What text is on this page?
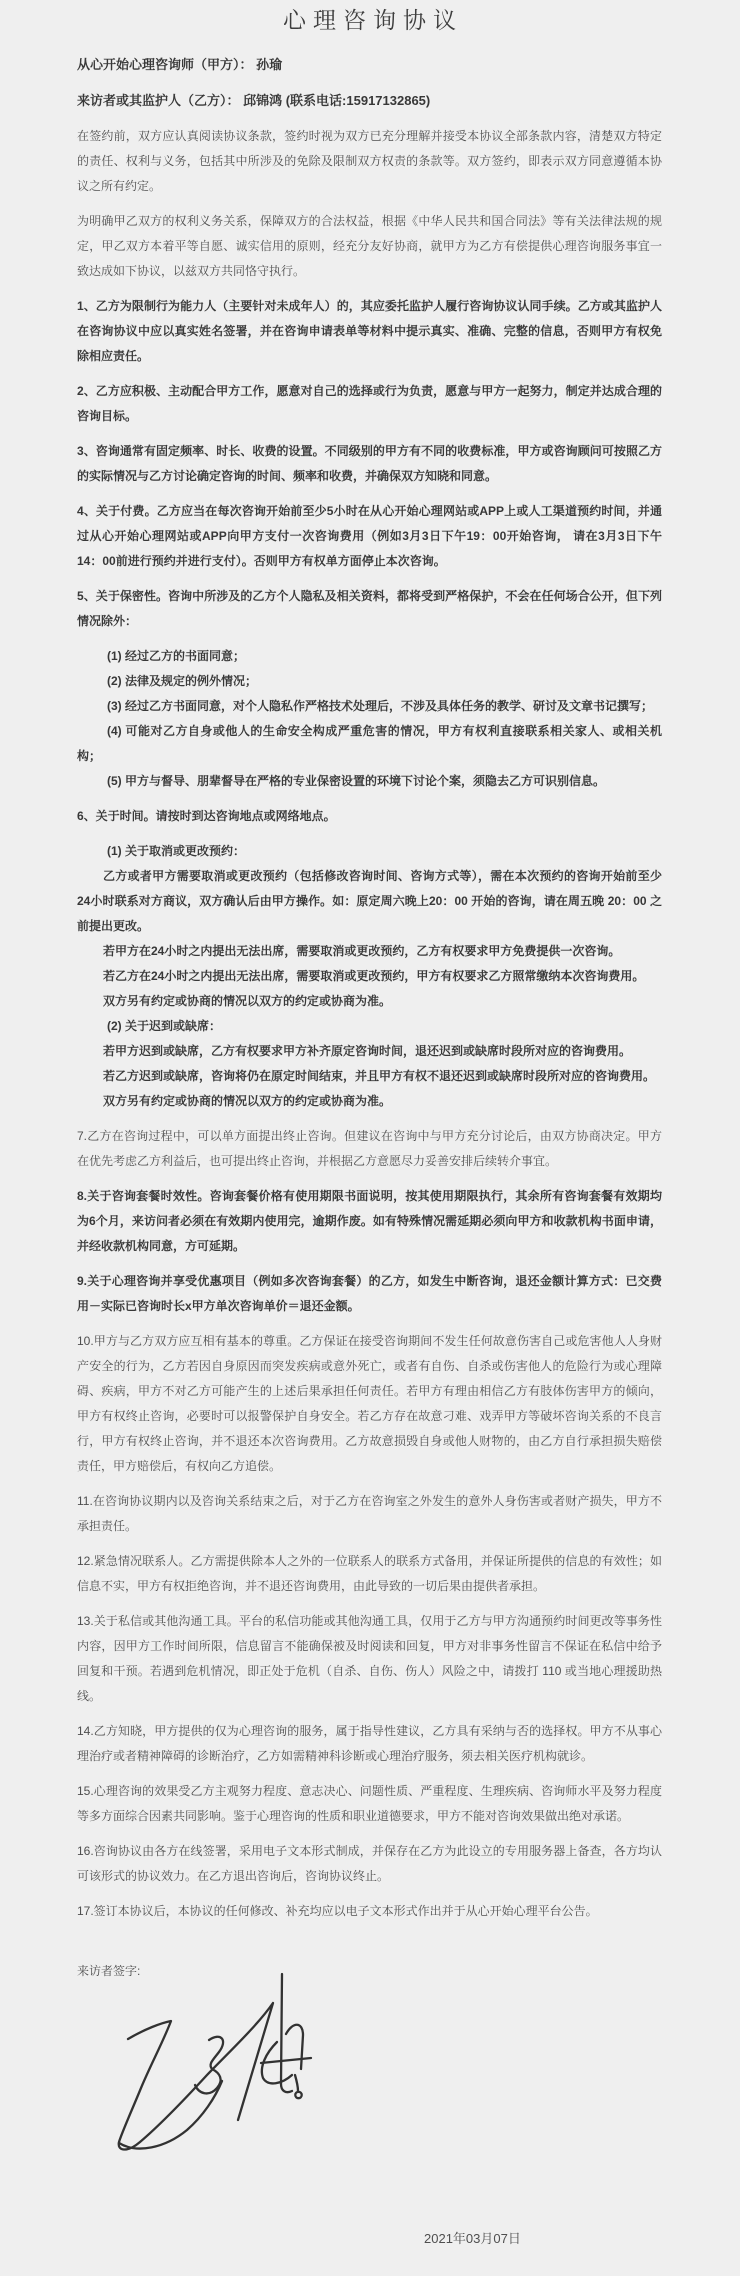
心理咨询协议

从心开始心理咨询师（甲方）： 孙瑜

来访者或其监护人（乙方）： 邱锦鸿 (联系电话:15917132865)

在签约前，双方应认真阅读协议条款，签约时视为双方已充分理解并接受本协议全部条款内容，清楚双方特定的责任、权利与义务，包括其中所涉及的免除及限制双方权责的条款等。双方签约，即表示双方同意遵循本协议之所有约定。

为明确甲乙双方的权利义务关系，保障双方的合法权益，根据《中华人民共和国合同法》等有关法律法规的规定，甲乙双方本着平等自愿、诚实信用的原则，经充分友好协商，就甲方为乙方有偿提供心理咨询服务事宜一致达成如下协议，以兹双方共同恪守执行。

1、乙方为限制行为能力人（主要针对未成年人）的，其应委托监护人履行咨询协议认同手续。乙方或其监护人在咨询协议中应以真实姓名签署，并在咨询申请表单等材料中提示真实、准确、完整的信息，否则甲方有权免除相应责任。

2、乙方应积极、主动配合甲方工作，愿意对自己的选择或行为负责，愿意与甲方一起努力，制定并达成合理的咨询目标。

3、咨询通常有固定频率、时长、收费的设置。不同级别的甲方有不同的收费标准，甲方或咨询顾问可按照乙方的实际情况与乙方讨论确定咨询的时间、频率和收费，并确保双方知晓和同意。

4、关于付费。乙方应当在每次咨询开始前至少5小时在从心开始心理网站或APP上或人工渠道预约时间，并通过从心开始心理网站或APP向甲方支付一次咨询费用（例如3月3日下午19：00开始咨询， 请在3月3日下午14：00前进行预约并进行支付）。否则甲方有权单方面停止本次咨询。

5、关于保密性。咨询中所涉及的乙方个人隐私及相关资料，都将受到严格保护，不会在任何场合公开，但下列情况除外：

(1) 经过乙方的书面同意；

(2) 法律及规定的例外情况；

(3) 经过乙方书面同意，对个人隐私作严格技术处理后，不涉及具体任务的教学、研讨及文章书记撰写；

(4) 可能对乙方自身或他人的生命安全构成严重危害的情况，甲方有权利直接联系相关家人、或相关机构；

(5) 甲方与督导、朋辈督导在严格的专业保密设置的环境下讨论个案，须隐去乙方可识别信息。

6、关于时间。请按时到达咨询地点或网络地点。

(1) 关于取消或更改预约：

乙方或者甲方需要取消或更改预约（包括修改咨询时间、咨询方式等），需在本次预约的咨询开始前至少24小时联系对方商议，双方确认后由甲方操作。如：原定周六晚上20：00 开始的咨询，请在周五晚 20：00 之前提出更改。

若甲方在24小时之内提出无法出席，需要取消或更改预约，乙方有权要求甲方免费提供一次咨询。

若乙方在24小时之内提出无法出席，需要取消或更改预约，甲方有权要求乙方照常缴纳本次咨询费用。

双方另有约定或协商的情况以双方的约定或协商为准。

(2) 关于迟到或缺席：

若甲方迟到或缺席，乙方有权要求甲方补齐原定咨询时间，退还迟到或缺席时段所对应的咨询费用。

若乙方迟到或缺席，咨询将仍在原定时间结束，并且甲方有权不退还迟到或缺席时段所对应的咨询费用。

双方另有约定或协商的情况以双方的约定或协商为准。

7.乙方在咨询过程中，可以单方面提出终止咨询。但建议在咨询中与甲方充分讨论后，由双方协商决定。甲方在优先考虑乙方利益后，也可提出终止咨询，并根据乙方意愿尽力妥善安排后续转介事宜。

8.关于咨询套餐时效性。咨询套餐价格有使用期限书面说明，按其使用期限执行，其余所有咨询套餐有效期均为6个月，来访问者必须在有效期内使用完，逾期作废。如有特殊情况需延期必须向甲方和收款机构书面申请，并经收款机构同意，方可延期。

9.关于心理咨询并享受优惠项目（例如多次咨询套餐）的乙方，如发生中断咨询，退还金额计算方式：已交费用－实际已咨询时长x甲方单次咨询单价＝退还金额。

10.甲方与乙方双方应互相有基本的尊重。乙方保证在接受咨询期间不发生任何故意伤害自己或危害他人人身财产安全的行为，乙方若因自身原因而突发疾病或意外死亡，或者有自伤、自杀或伤害他人的危险行为或心理障碍、疾病，甲方不对乙方可能产生的上述后果承担任何责任。若甲方有理由相信乙方有肢体伤害甲方的倾向，甲方有权终止咨询，必要时可以报警保护自身安全。若乙方存在故意刁难、戏弄甲方等破坏咨询关系的不良言行，甲方有权终止咨询，并不退还本次咨询费用。乙方故意损毁自身或他人财物的，由乙方自行承担损失赔偿责任，甲方赔偿后，有权向乙方追偿。

11.在咨询协议期内以及咨询关系结束之后，对于乙方在咨询室之外发生的意外人身伤害或者财产损失，甲方不承担责任。

12.紧急情况联系人。乙方需提供除本人之外的一位联系人的联系方式备用，并保证所提供的信息的有效性；如信息不实，甲方有权拒绝咨询，并不退还咨询费用，由此导致的一切后果由提供者承担。

13.关于私信或其他沟通工具。平台的私信功能或其他沟通工具，仅用于乙方与甲方沟通预约时间更改等事务性内容，因甲方工作时间所限，信息留言不能确保被及时阅读和回复，甲方对非事务性留言不保证在私信中给予回复和干预。若遇到危机情况，即正处于危机（自杀、自伤、伤人）风险之中，请拨打 110 或当地心理援助热线。

14.乙方知晓，甲方提供的仅为心理咨询的服务，属于指导性建议，乙方具有采纳与否的选择权。甲方不从事心理治疗或者精神障碍的诊断治疗，乙方如需精神科诊断或心理治疗服务，须去相关医疗机构就诊。

15.心理咨询的效果受乙方主观努力程度、意志决心、问题性质、严重程度、生理疾病、咨询师水平及努力程度等多方面综合因素共同影响。鉴于心理咨询的性质和职业道德要求，甲方不能对咨询效果做出绝对承诺。

16.咨询协议由各方在线签署，采用电子文本形式制成，并保存在乙方为此设立的专用服务器上备查，各方均认可该形式的协议效力。在乙方退出咨询后，咨询协议终止。

17.签订本协议后，本协议的任何修改、补充均应以电子文本形式作出并于从心开始心理平台公告。

来访者签字:

2021年03月07日
